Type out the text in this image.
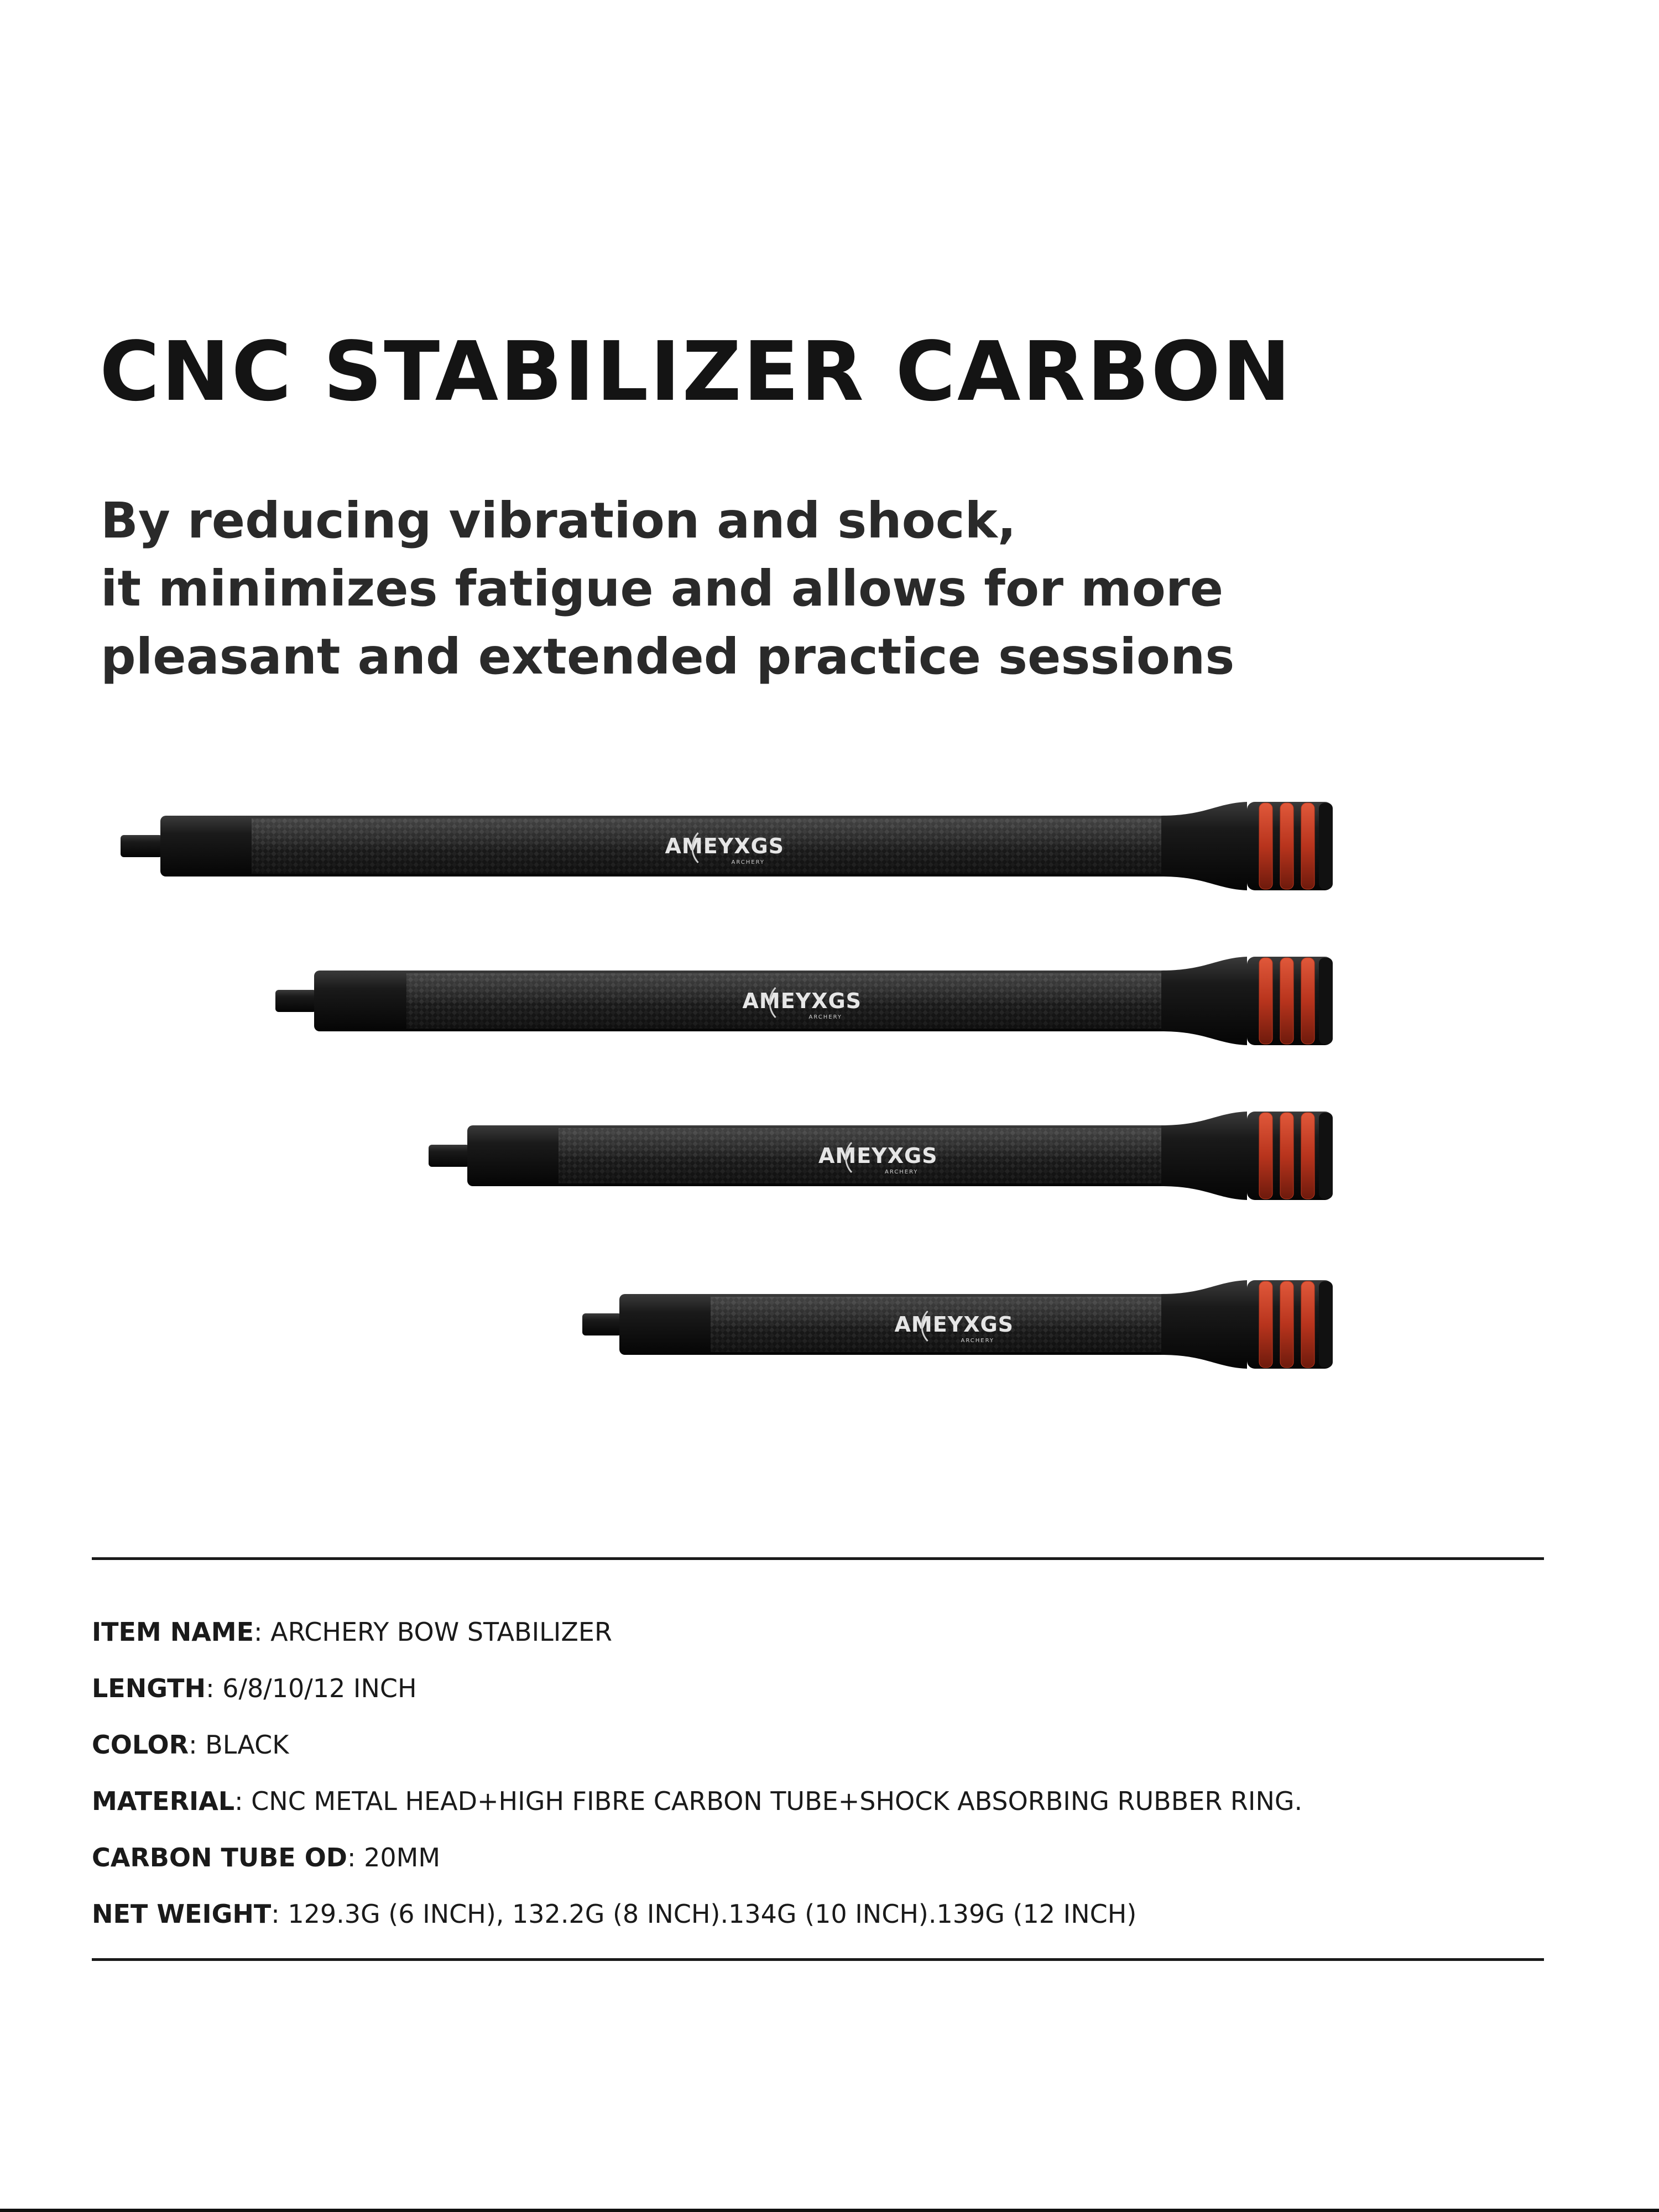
CNC STABILIZER CARBON
By reducing vibration and shock,
it minimizes fatigue and allows for more
pleasant and extended practice sessions
AMEYXGS
ARCHERY
AMEYXGS
ARCHERY
AMEYXGS
ARCHERY
AMEYXGS
ARCHERY
ITEM NAME: ARCHERY BOW STABILIZER
LENGTH: 6/8/10/12 INCH
COLOR: BLACK
MATERIAL: CNC METAL HEAD+HIGH FIBRE CARBON TUBE+SHOCK ABSORBING RUBBER RING.
CARBON TUBE OD: 20MM
NET WEIGHT: 129.3G (6 INCH), 132.2G (8 INCH).134G (10 INCH).139G (12 INCH)
